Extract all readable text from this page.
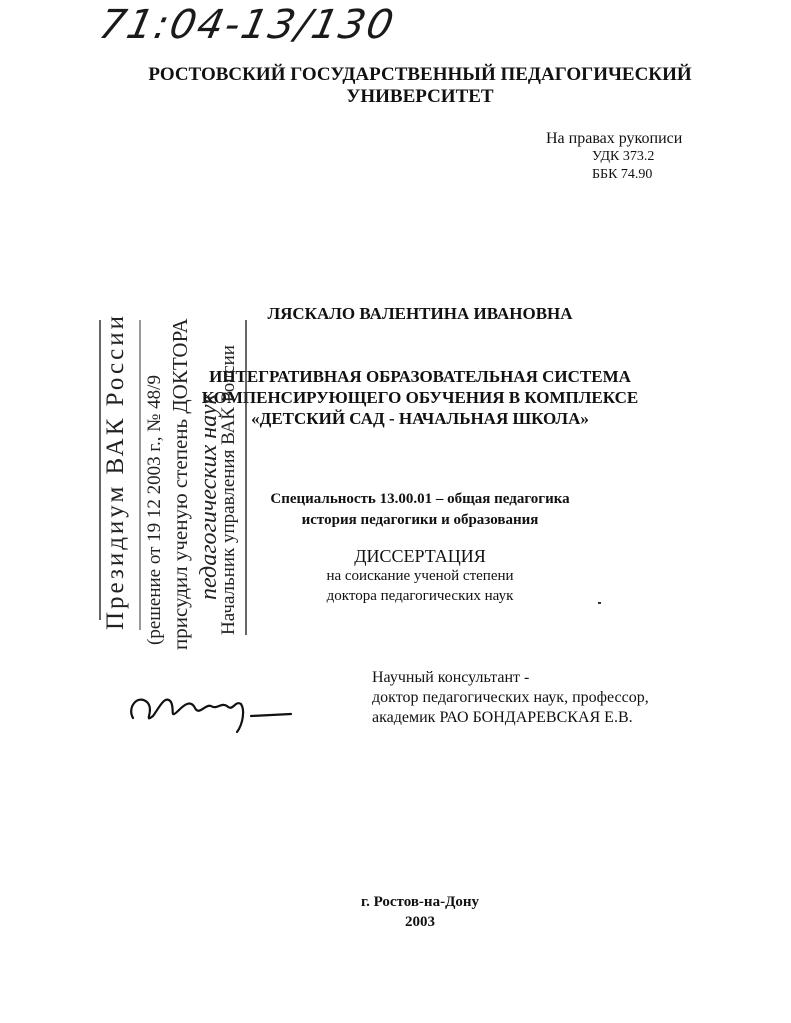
71:04-13/130
РОСТОВСКИЙ ГОСУДАРСТВЕННЫЙ ПЕДАГОГИЧЕСКИЙ
УНИВЕРСИТЕТ
На правах рукописи
УДК 373.2
ББК 74.90
ЛЯСКАЛО ВАЛЕНТИНА ИВАНОВНА
ИНТЕГРАТИВНАЯ ОБРАЗОВАТЕЛЬНАЯ СИСТЕМА
КОМПЕНСИРУЮЩЕГО ОБУЧЕНИЯ В КОМПЛЕКСЕ
«ДЕТСКИЙ САД - НАЧАЛЬНАЯ ШКОЛА»
Специальность 13.00.01 – общая педагогика
история педагогики и образования
ДИССЕРТАЦИЯ
на соискание ученой степени
доктора педагогических наук
Научный консультант -
доктор педагогических наук, профессор,
академик РАО БОНДАРЕВСКАЯ Е.В.
г. Ростов-на-Дону
2003
Президиум ВАК России (решение от 19 12 2003 г., № 48/9 присудил ученую степень ДОКТОРА педагогических наук
Начальник управления ВАК России
